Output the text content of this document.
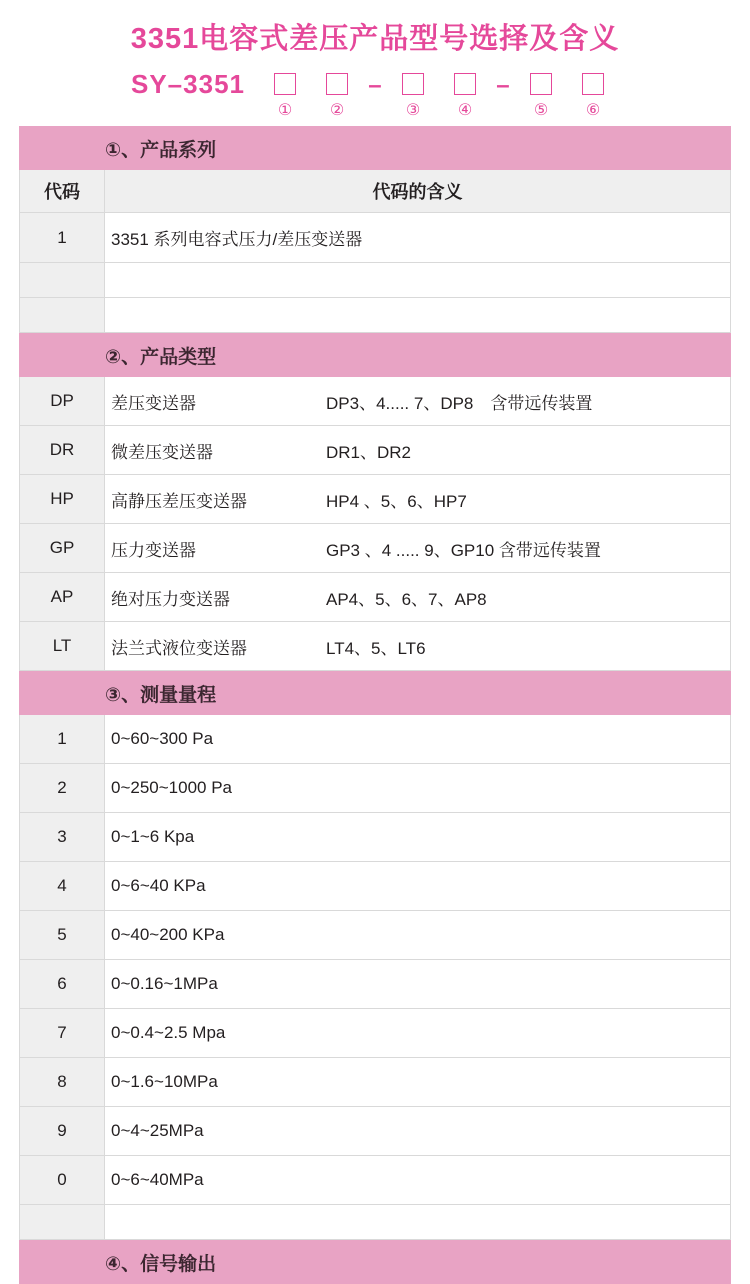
3351电容式差压产品型号选择及含义
SY–3351
① ②
–
③ ④
–
⑤ ⑥
	①、产品系列
代码	代码的含义
1	3351 系列电容式压力/差压变送器

	②、产品类型
DP	差压变送器 DP3、4..... 7、DP8　含带远传装置
DR	微差压变送器 DR1、DR2
HP	高静压差压变送器 HP4 、5、6、HP7
GP	压力变送器 GP3 、4 ..... 9、GP10 含带远传装置
AP	绝对压力变送器 AP4、5、6、7、AP8
LT	法兰式液位变送器 LT4、5、LT6
	③、测量量程
1	0~60~300 Pa
2	0~250~1000 Pa
3	0~1~6 Kpa
4	0~6~40 KPa
5	0~40~200 KPa
6	0~0.16~1MPa
7	0~0.4~2.5 Mpa
8	0~1.6~10MPa
9	0~4~25MPa
0	0~6~40MPa

	④、信号输出
